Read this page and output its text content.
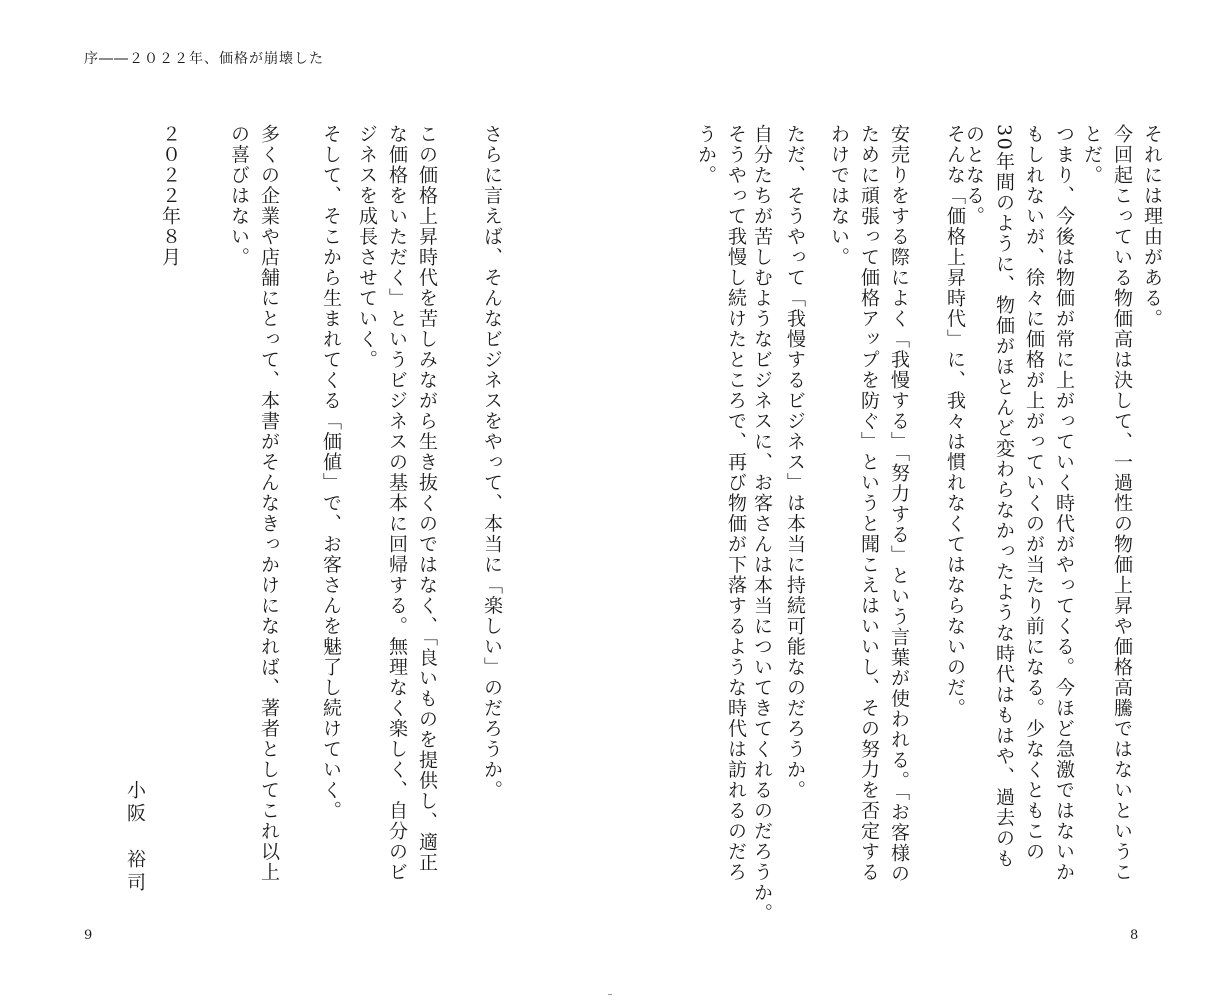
序――２０２２年、価格が崩壊した
それには理由がある。
今回起こっている物価高は決して、一過性の物価上昇や価格高騰ではないということだ。
つまり、今後は物価が常に上がっていく時代がやってくる。今ほど急激ではないかもしれないが、徐々に価格が上がっていくのが当たり前になる。少なくともこの30年間のように、物価がほとんど変わらなかったような時代はもはや、過去のものとなる。
そんな「価格上昇時代」に、我々は慣れなくてはならないのだ。
安売りをする際によく「我慢する」「努力する」という言葉が使われる。「お客様のために頑張って価格アップを防ぐ」というと聞こえはいいし、その努力を否定するわけではない。
ただ、そうやって「我慢するビジネス」は本当に持続可能なのだろうか。
自分たちが苦しむようなビジネスに、お客さんは本当についてきてくれるのだろうか。
そうやって我慢し続けたところで、再び物価が下落するような時代は訪れるのだろうか。
さらに言えば、そんなビジネスをやって、本当に「楽しい」のだろうか。
この価格上昇時代を苦しみながら生き抜くのではなく、「良いものを提供し、適正な価格をいただく」というビジネスの基本に回帰する。無理なく楽しく、自分のビジネスを成長させていく。
そして、そこから生まれてくる「価値」で、お客さんを魅了し続けていく。
多くの企業や店舗にとって、本書がそんなきっかけになれば、著者としてこれ以上の喜びはない。
２０２２年８月
小阪　裕司
9	8
